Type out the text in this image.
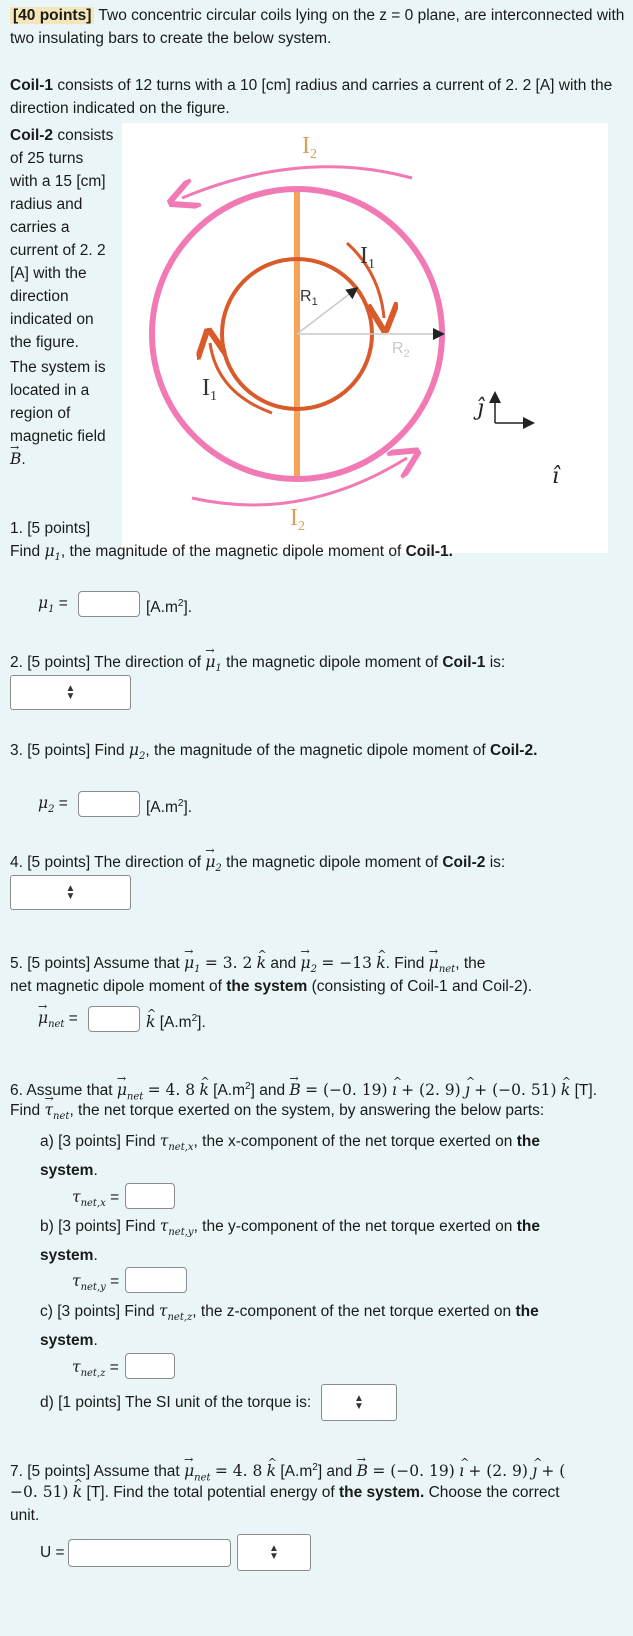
[40 points] Two concentric circular coils lying on the z = 0 plane, are interconnected with two insulating bars to create the below system.
Coil-1 consists of 12 turns with a 10 [cm] radius and carries a current of 2. 2 [A] with the direction indicated on the figure.
Coil-2 consists
of 25 turns
with a 15 [cm]
radius and
carries a
current of 2. 2
[A] with the
direction
indicated on
the figure.
The system is
located in a
region of
magnetic field
→ B.
$I_2$
$I_1$
$I_1$
$I_2$
$R_1$
$R_2$
ĵ
î
1. [5 points]
Find $\mu_1$, the magnitude of the magnetic dipole moment of Coil-1.
$\mu_1$ =	$[A.m^2]$.
2. [5 points] The direction of → $\mu_1$ the magnetic dipole moment of Coil-1 is:
▲
▼
3. [5 points] Find $\mu_2$, the magnitude of the magnetic dipole moment of Coil-2.
$\mu_2$ =	$[A.m^2]$.
4. [5 points] The direction of → $\mu_2$ the magnetic dipole moment of Coil-2 is:
▲
▼
5. [5 points] Assume that → $\mu_1 = 3$. 2 ^ k and → $\mu_2 = -13$ ^ k. Find → $\mu_{net}$, the
net magnetic dipole moment of the system (consisting of Coil-1 and Coil-2).
→ $\mu_{net}$ =	^ k $[A.m^2]$.
6. Assume that → $\mu_{net} = 4$. 8 ^ k $[A.m^2]$ and → B = (−0. 19) ^ ı + (2. 9) ^ ȷ + (−0. 51) ^ k [T].
Find → $\tau_{net}$, the net torque exerted on the system, by answering the below parts:
a) [3 points] Find $\tau_{net,x}$, the x-component of the net torque exerted on the
system.
$\tau_{net,x}$ =
b) [3 points] Find $\tau_{net,y}$, the y-component of the net torque exerted on the
system.
$\tau_{net,y}$ =
c) [3 points] Find $\tau_{net,z}$, the z-component of the net torque exerted on the
system.
$\tau_{net,z}$ =
d) [1 points] The SI unit of the torque is:	▲
▼
7. [5 points] Assume that → $\mu_{net} = 4$. 8 ^ k $[A.m^2]$ and → B = (−0. 19) ^ ı + (2. 9) ^ ȷ + (
−0. 51) ^ k [T]. Find the total potential energy of the system. Choose the correct
unit.
U =	▲
▼
